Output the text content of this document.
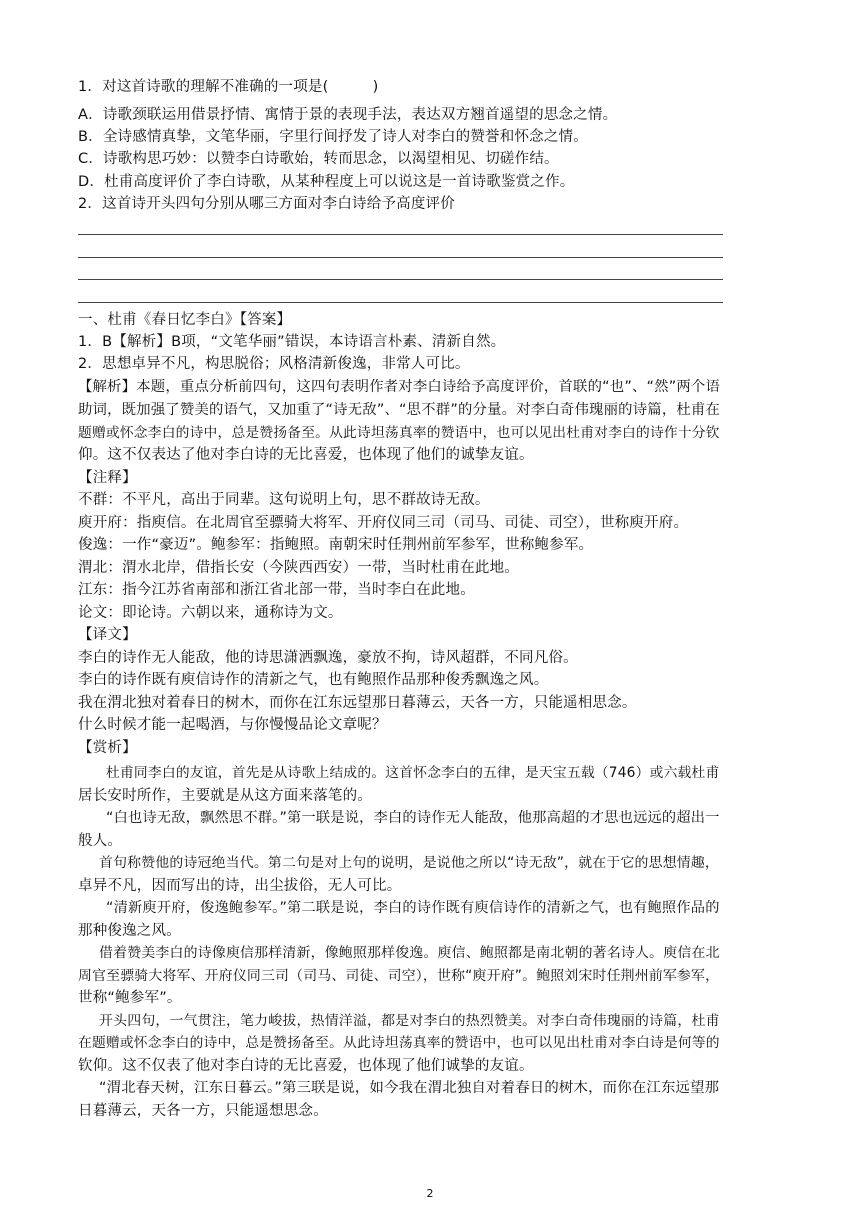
1．对这首诗歌的理解不准确的一项是(　　　)
A．诗歌颈联运用借景抒情、寓情于景的表现手法，表达双方翘首遥望的思念之情。
B．全诗感情真挚，文笔华丽，字里行间抒发了诗人对李白的赞誉和怀念之情。
C．诗歌构思巧妙：以赞李白诗歌始，转而思念，以渴望相见、切磋作结。
D．杜甫高度评价了李白诗歌，从某种程度上可以说这是一首诗歌鉴赏之作。
2．这首诗开头四句分别从哪三方面对李白诗给予高度评价
一、杜甫《春日忆李白》【答案】
1．B【解析】B项，“文笔华丽”错误，本诗语言朴素、清新自然。
2．思想卓异不凡，构思脱俗；风格清新俊逸，非常人可比。
【解析】本题，重点分析前四句，这四句表明作者对李白诗给予高度评价，首联的“也”、“然”两个语
助词，既加强了赞美的语气，又加重了“诗无敌”、“思不群”的分量。对李白奇伟瑰丽的诗篇，杜甫在
题赠或怀念李白的诗中，总是赞扬备至。从此诗坦荡真率的赞语中，也可以见出杜甫对李白的诗作十分钦
仰。这不仅表达了他对李白诗的无比喜爱，也体现了他们的诚挚友谊。
【注释】
不群：不平凡，高出于同辈。这句说明上句，思不群故诗无敌。
庾开府：指庾信。在北周官至骠骑大将军、开府仪同三司（司马、司徒、司空），世称庾开府。
俊逸：一作“豪迈”。鲍参军：指鲍照。南朝宋时任荆州前军参军，世称鲍参军。
渭北：渭水北岸，借指长安（今陕西西安）一带，当时杜甫在此地。
江东：指今江苏省南部和浙江省北部一带，当时李白在此地。
论文：即论诗。六朝以来，通称诗为文。
【译文】
李白的诗作无人能敌，他的诗思潇洒飘逸，豪放不拘，诗风超群，不同凡俗。
李白的诗作既有庾信诗作的清新之气，也有鲍照作品那种俊秀飘逸之风。
我在渭北独对着春日的树木，而你在江东远望那日暮薄云，天各一方，只能遥相思念。
什么时候才能一起喝酒，与你慢慢品论文章呢？
【赏析】
杜甫同李白的友谊，首先是从诗歌上结成的。这首怀念李白的五律，是天宝五载（746）或六载杜甫
居长安时所作，主要就是从这方面来落笔的。
“白也诗无敌，飘然思不群。”第一联是说，李白的诗作无人能敌，他那高超的才思也远远的超出一
般人。
首句称赞他的诗冠绝当代。第二句是对上句的说明，是说他之所以“诗无敌”，就在于它的思想情趣，
卓异不凡，因而写出的诗，出尘拔俗，无人可比。
“清新庾开府，俊逸鲍参军。”第二联是说，李白的诗作既有庾信诗作的清新之气，也有鲍照作品的
那种俊逸之风。
借着赞美李白的诗像庾信那样清新，像鲍照那样俊逸。庾信、鲍照都是南北朝的著名诗人。庾信在北
周官至骠骑大将军、开府仪同三司（司马、司徒、司空），世称“庾开府”。鲍照刘宋时任荆州前军参军，
世称“鲍参军”。
开头四句，一气贯注，笔力峻拔，热情洋溢，都是对李白的热烈赞美。对李白奇伟瑰丽的诗篇，杜甫
在题赠或怀念李白的诗中，总是赞扬备至。从此诗坦荡真率的赞语中，也可以见出杜甫对李白诗是何等的
钦仰。这不仅表了他对李白诗的无比喜爱，也体现了他们诚挚的友谊。
“渭北春天树，江东日暮云。”第三联是说，如今我在渭北独自对着春日的树木，而你在江东远望那
日暮薄云，天各一方，只能遥想思念。
2
